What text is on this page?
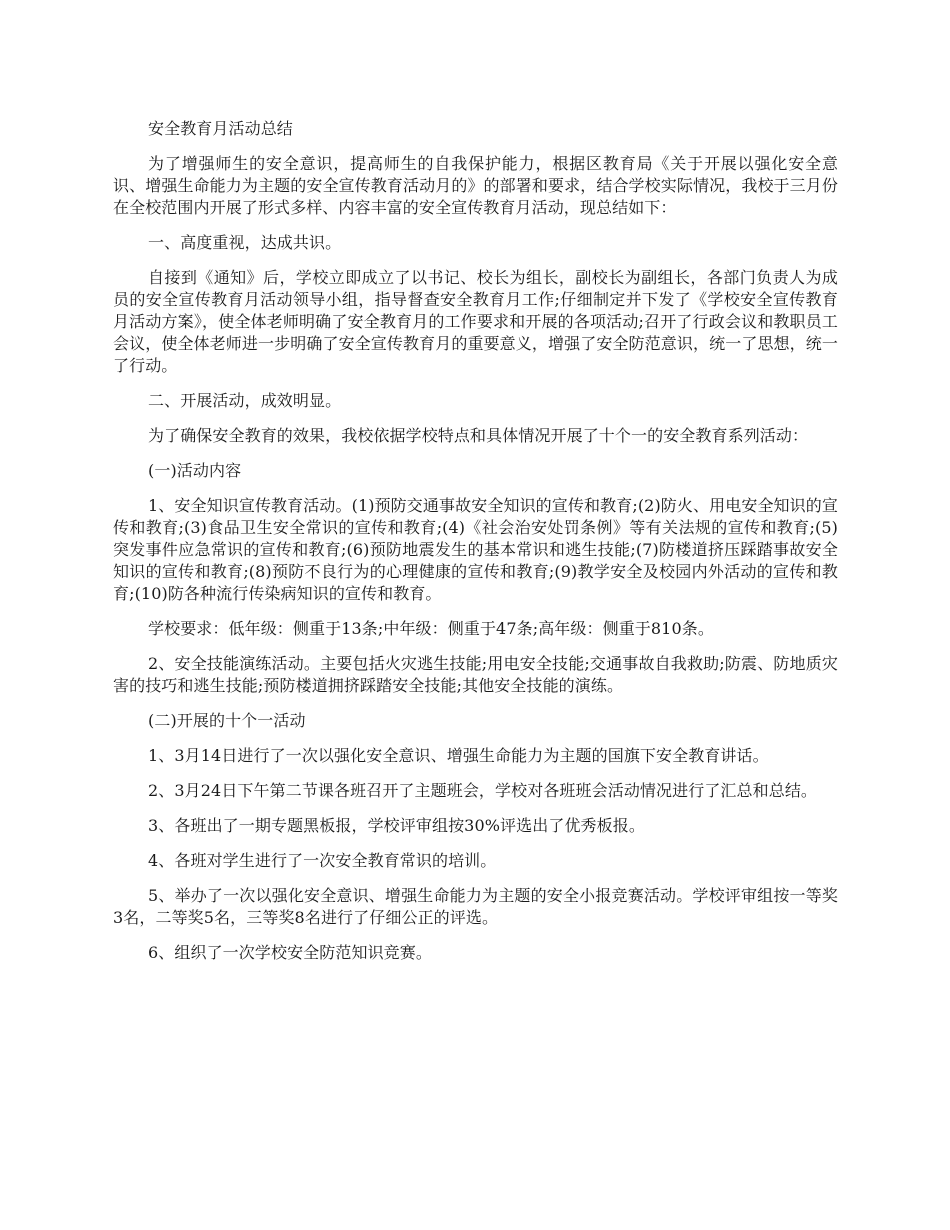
安全教育月活动总结

为了增强师生的安全意识，提高师生的自我保护能力，根据区教育局《关于开展以强化安全意识、增强生命能力为主题的安全宣传教育活动月的》的部署和要求，结合学校实际情况，我校于三月份在全校范围内开展了形式多样、内容丰富的安全宣传教育月活动，现总结如下：

一、高度重视，达成共识。

自接到《通知》后，学校立即成立了以书记、校长为组长，副校长为副组长，各部门负责人为成员的安全宣传教育月活动领导小组，指导督查安全教育月工作;仔细制定并下发了《学校安全宣传教育月活动方案》，使全体老师明确了安全教育月的工作要求和开展的各项活动;召开了行政会议和教职员工会议，使全体老师进一步明确了安全宣传教育月的重要意义，增强了安全防范意识，统一了思想，统一了行动。

二、开展活动，成效明显。

为了确保安全教育的效果，我校依据学校特点和具体情况开展了十个一的安全教育系列活动：

(一)活动内容

1、安全知识宣传教育活动。(1)预防交通事故安全知识的宣传和教育;(2)防火、用电安全知识的宣传和教育;(3)食品卫生安全常识的宣传和教育;(4)《社会治安处罚条例》等有关法规的宣传和教育;(5)突发事件应急常识的宣传和教育;(6)预防地震发生的基本常识和逃生技能;(7)防楼道挤压踩踏事故安全知识的宣传和教育;(8)预防不良行为的心理健康的宣传和教育;(9)教学安全及校园内外活动的宣传和教育;(10)防各种流行传染病知识的宣传和教育。

学校要求：低年级：侧重于13条;中年级：侧重于47条;高年级：侧重于810条。

2、安全技能演练活动。主要包括火灾逃生技能;用电安全技能;交通事故自我救助;防震、防地质灾害的技巧和逃生技能;预防楼道拥挤踩踏安全技能;其他安全技能的演练。

(二)开展的十个一活动

1、3月14日进行了一次以强化安全意识、增强生命能力为主题的国旗下安全教育讲话。

2、3月24日下午第二节课各班召开了主题班会，学校对各班班会活动情况进行了汇总和总结。

3、各班出了一期专题黑板报，学校评审组按30%评选出了优秀板报。

4、各班对学生进行了一次安全教育常识的培训。

5、举办了一次以强化安全意识、增强生命能力为主题的安全小报竞赛活动。学校评审组按一等奖3名，二等奖5名，三等奖8名进行了仔细公正的评选。

6、组织了一次学校安全防范知识竞赛。
